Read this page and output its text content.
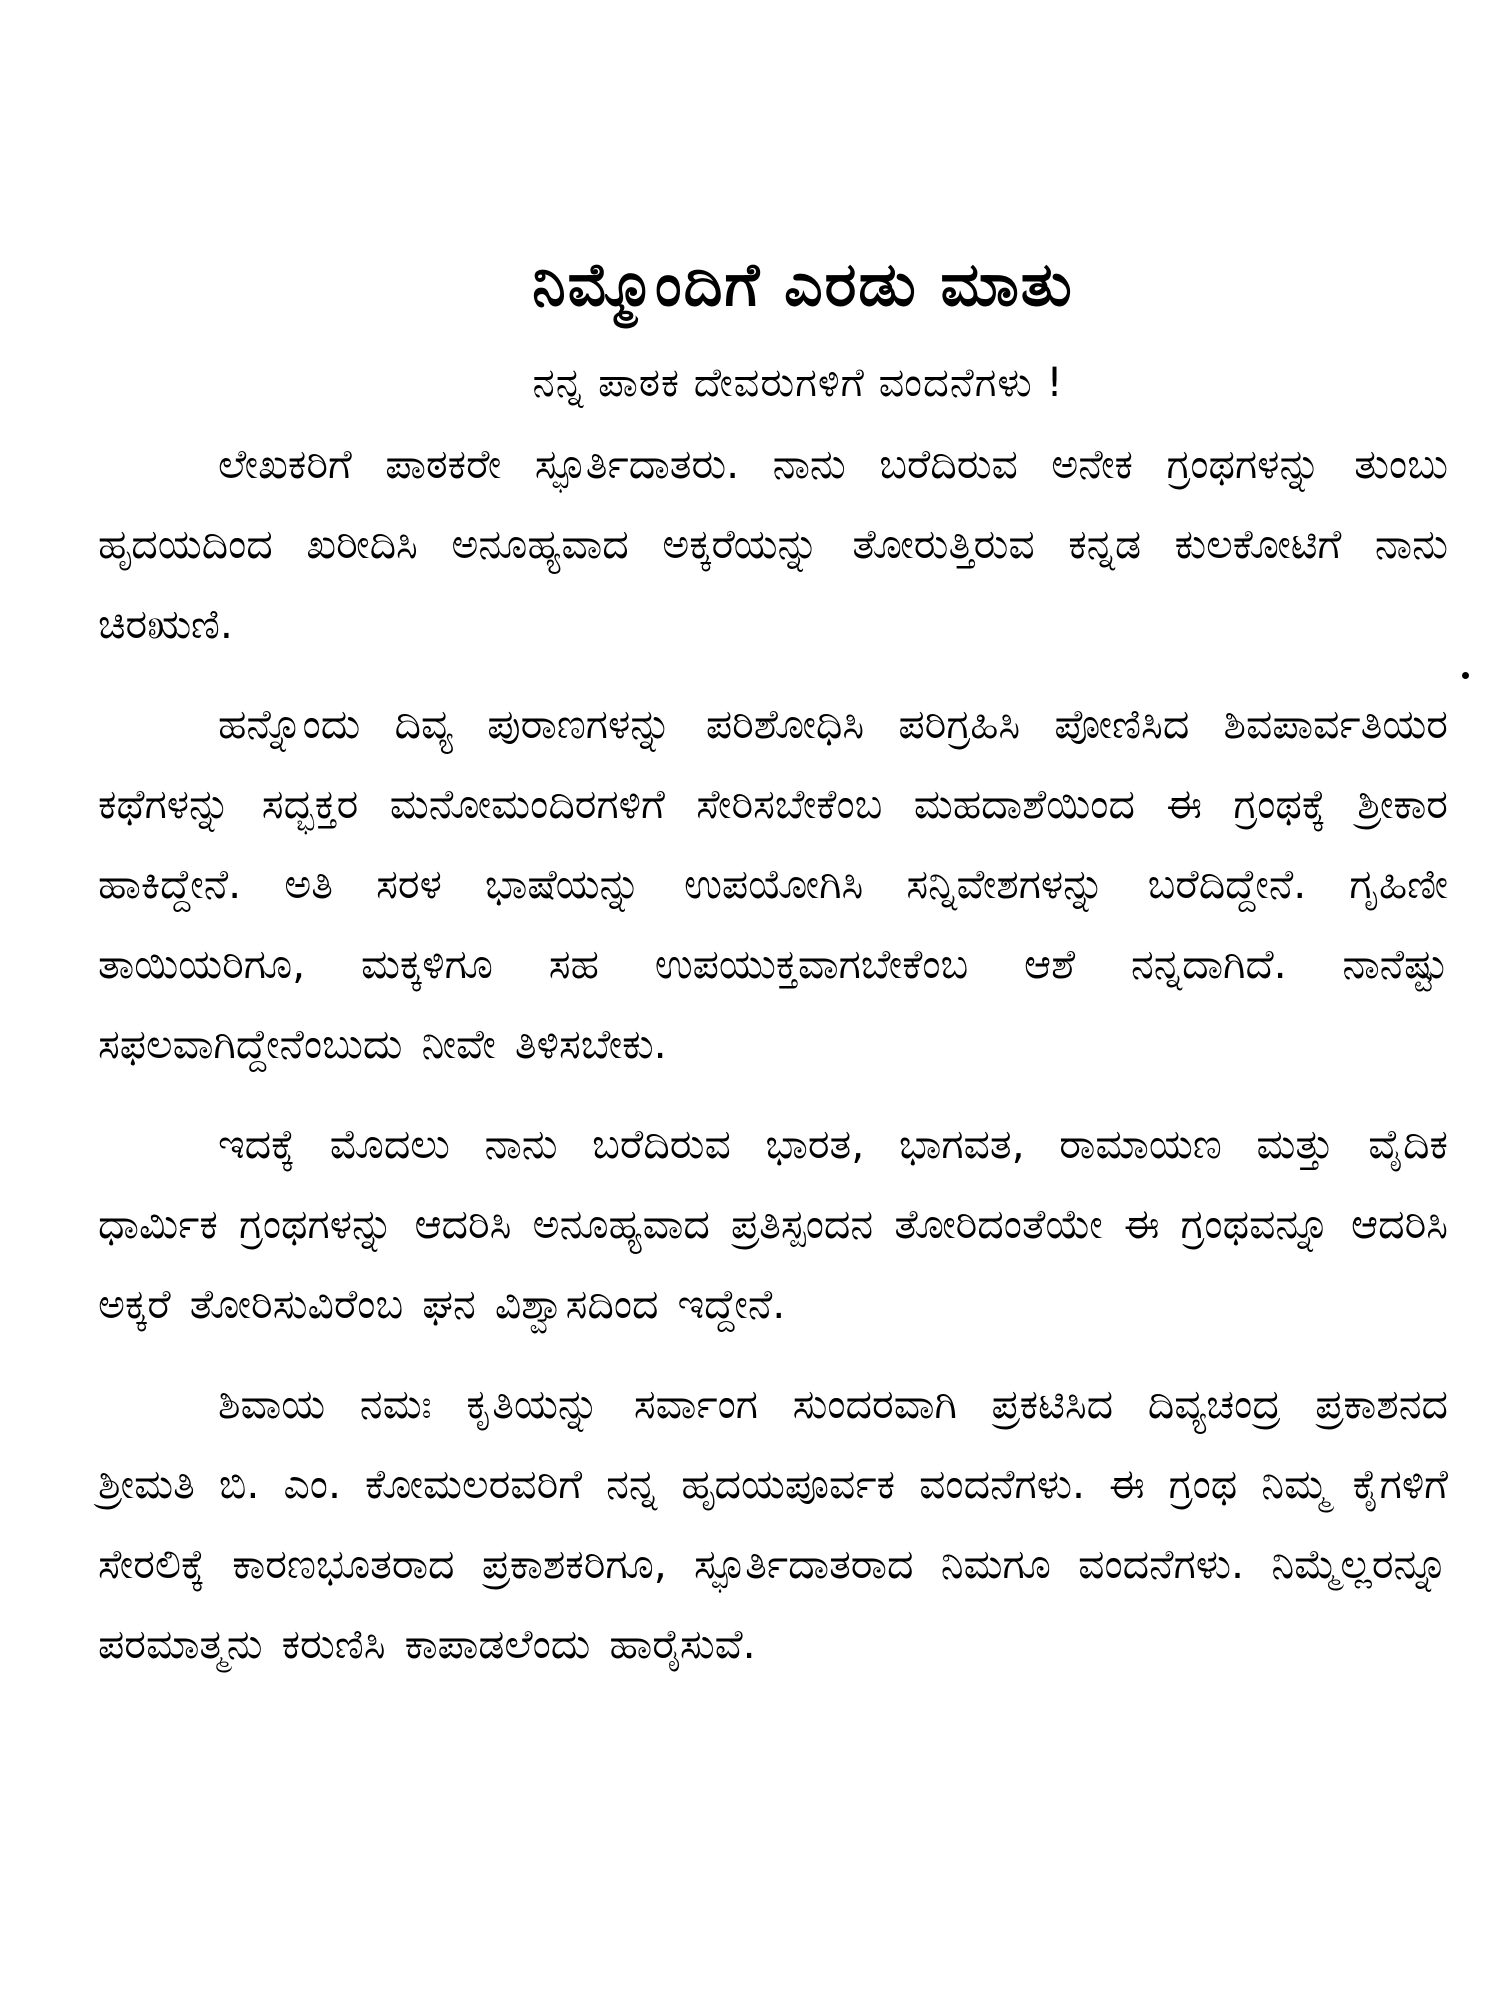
ನಿಮ್ಮೊಂದಿಗೆ ಎರಡು ಮಾತು

ನನ್ನ ಪಾಠಕ ದೇವರುಗಳಿಗೆ ವಂದನೆಗಳು !

ಲೇಖಕರಿಗೆ ಪಾಠಕರೇ ಸ್ಫೂರ್ತಿದಾತರು. ನಾನು ಬರೆದಿರುವ ಅನೇಕ ಗ್ರಂಥಗಳನ್ನು ತುಂಬು ಹೃದಯದಿಂದ ಖರೀದಿಸಿ ಅನೂಹ್ಯವಾದ ಅಕ್ಕರೆಯನ್ನು ತೋರುತ್ತಿರುವ ಕನ್ನಡ ಕುಲಕೋಟಿಗೆ ನಾನು ಚಿರಋಣಿ.

ಹನ್ನೊಂದು ದಿವ್ಯ ಪುರಾಣಗಳನ್ನು ಪರಿಶೋಧಿಸಿ ಪರಿಗ್ರಹಿಸಿ ಪೋಣಿಸಿದ ಶಿವಪಾರ್ವತಿಯರ ಕಥೆಗಳನ್ನು ಸದ್ಭಕ್ತರ ಮನೋಮಂದಿರಗಳಿಗೆ ಸೇರಿಸಬೇಕೆಂಬ ಮಹದಾಶೆಯಿಂದ ಈ ಗ್ರಂಥಕ್ಕೆ ಶ್ರೀಕಾರ ಹಾಕಿದ್ದೇನೆ. ಅತಿ ಸರಳ ಭಾಷೆಯನ್ನು ಉಪಯೋಗಿಸಿ ಸನ್ನಿವೇಶಗಳನ್ನು ಬರೆದಿದ್ದೇನೆ. ಗೃಹಿಣೀ ತಾಯಿಯರಿಗೂ, ಮಕ್ಕಳಿಗೂ ಸಹ ಉಪಯುಕ್ತವಾಗಬೇಕೆಂಬ ಆಶೆ ನನ್ನದಾಗಿದೆ. ನಾನೆಷ್ಟು ಸಫಲವಾಗಿದ್ದೇನೆಂಬುದು ನೀವೇ ತಿಳಿಸಬೇಕು.

ಇದಕ್ಕೆ ಮೊದಲು ನಾನು ಬರೆದಿರುವ ಭಾರತ, ಭಾಗವತ, ರಾಮಾಯಣ ಮತ್ತು ವೈದಿಕ ಧಾರ್ಮಿಕ ಗ್ರಂಥಗಳನ್ನು ಆದರಿಸಿ ಅನೂಹ್ಯವಾದ ಪ್ರತಿಸ್ಪಂದನ ತೋರಿದಂತೆಯೇ ಈ ಗ್ರಂಥವನ್ನೂ ಆದರಿಸಿ ಅಕ್ಕರೆ ತೋರಿಸುವಿರೆಂಬ ಘನ ವಿಶ್ವಾಸದಿಂದ ಇದ್ದೇನೆ.

ಶಿವಾಯ ನಮಃ ಕೃತಿಯನ್ನು ಸರ್ವಾಂಗ ಸುಂದರವಾಗಿ ಪ್ರಕಟಿಸಿದ ದಿವ್ಯಚಂದ್ರ ಪ್ರಕಾಶನದ ಶ್ರೀಮತಿ ಬಿ. ಎಂ. ಕೋಮಲರವರಿಗೆ ನನ್ನ ಹೃದಯಪೂರ್ವಕ ವಂದನೆಗಳು. ಈ ಗ್ರಂಥ ನಿಮ್ಮ ಕೈಗಳಿಗೆ ಸೇರಲಿಕ್ಕೆ ಕಾರಣಭೂತರಾದ ಪ್ರಕಾಶಕರಿಗೂ, ಸ್ಫೂರ್ತಿದಾತರಾದ ನಿಮಗೂ ವಂದನೆಗಳು. ನಿಮ್ಮೆಲ್ಲರನ್ನೂ ಪರಮಾತ್ಮನು ಕರುಣಿಸಿ ಕಾಪಾಡಲೆಂದು ಹಾರೈಸುವೆ.
